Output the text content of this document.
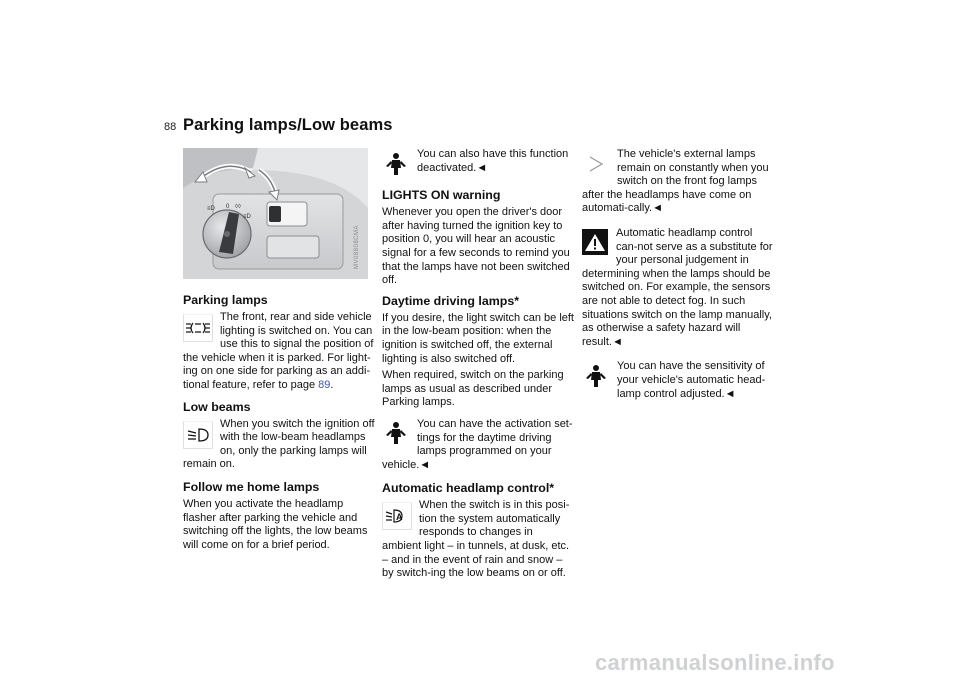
88 Parking lamps/Low beams
0
≡D	◊◊
≡D
MV08808CMA
Parking lamps

The front, rear and side vehicle lighting is switched on. You can use this to signal the position of the vehicle when it is parked. For light-ing on one side for parking as an addi-tional feature, refer to page 89.

Low beams

When you switch the ignition off with the low-beam headlamps on, only the parking lamps will remain on.

Follow me home lamps

When you activate the headlamp flasher after parking the vehicle and switching off the lights, the low beams will come on for a brief period.

You can also have this function deactivated.◄

LIGHTS ON warning

Whenever you open the driver's door after having turned the ignition key to position 0, you will hear an acoustic signal for a few seconds to remind you that the lamps have not been switched off.

Daytime driving lamps*

If you desire, the light switch can be left in the low-beam position: when the ignition is switched off, the external lighting is also switched off.

When required, switch on the parking lamps as usual as described under Parking lamps.

You can have the activation set-tings for the daytime driving lamps programmed on your vehicle.◄

Automatic headlamp control*
A

When the switch is in this posi-tion the system automatically responds to changes in ambient light – in tunnels, at dusk, etc. – and in the event of rain and snow – by switch-ing the low beams on or off.

The vehicle's external lamps remain on constantly when you switch on the front fog lamps after the headlamps have come on automati-cally.◄

Automatic headlamp control can-not serve as a substitute for your personal judgement in determining when the lamps should be switched on. For example, the sensors are not able to detect fog. In such situations switch on the lamp manually, as otherwise a safety hazard will result.◄

You can have the sensitivity of your vehicle's automatic head-lamp control adjusted.◄

carmanualsonline.info
